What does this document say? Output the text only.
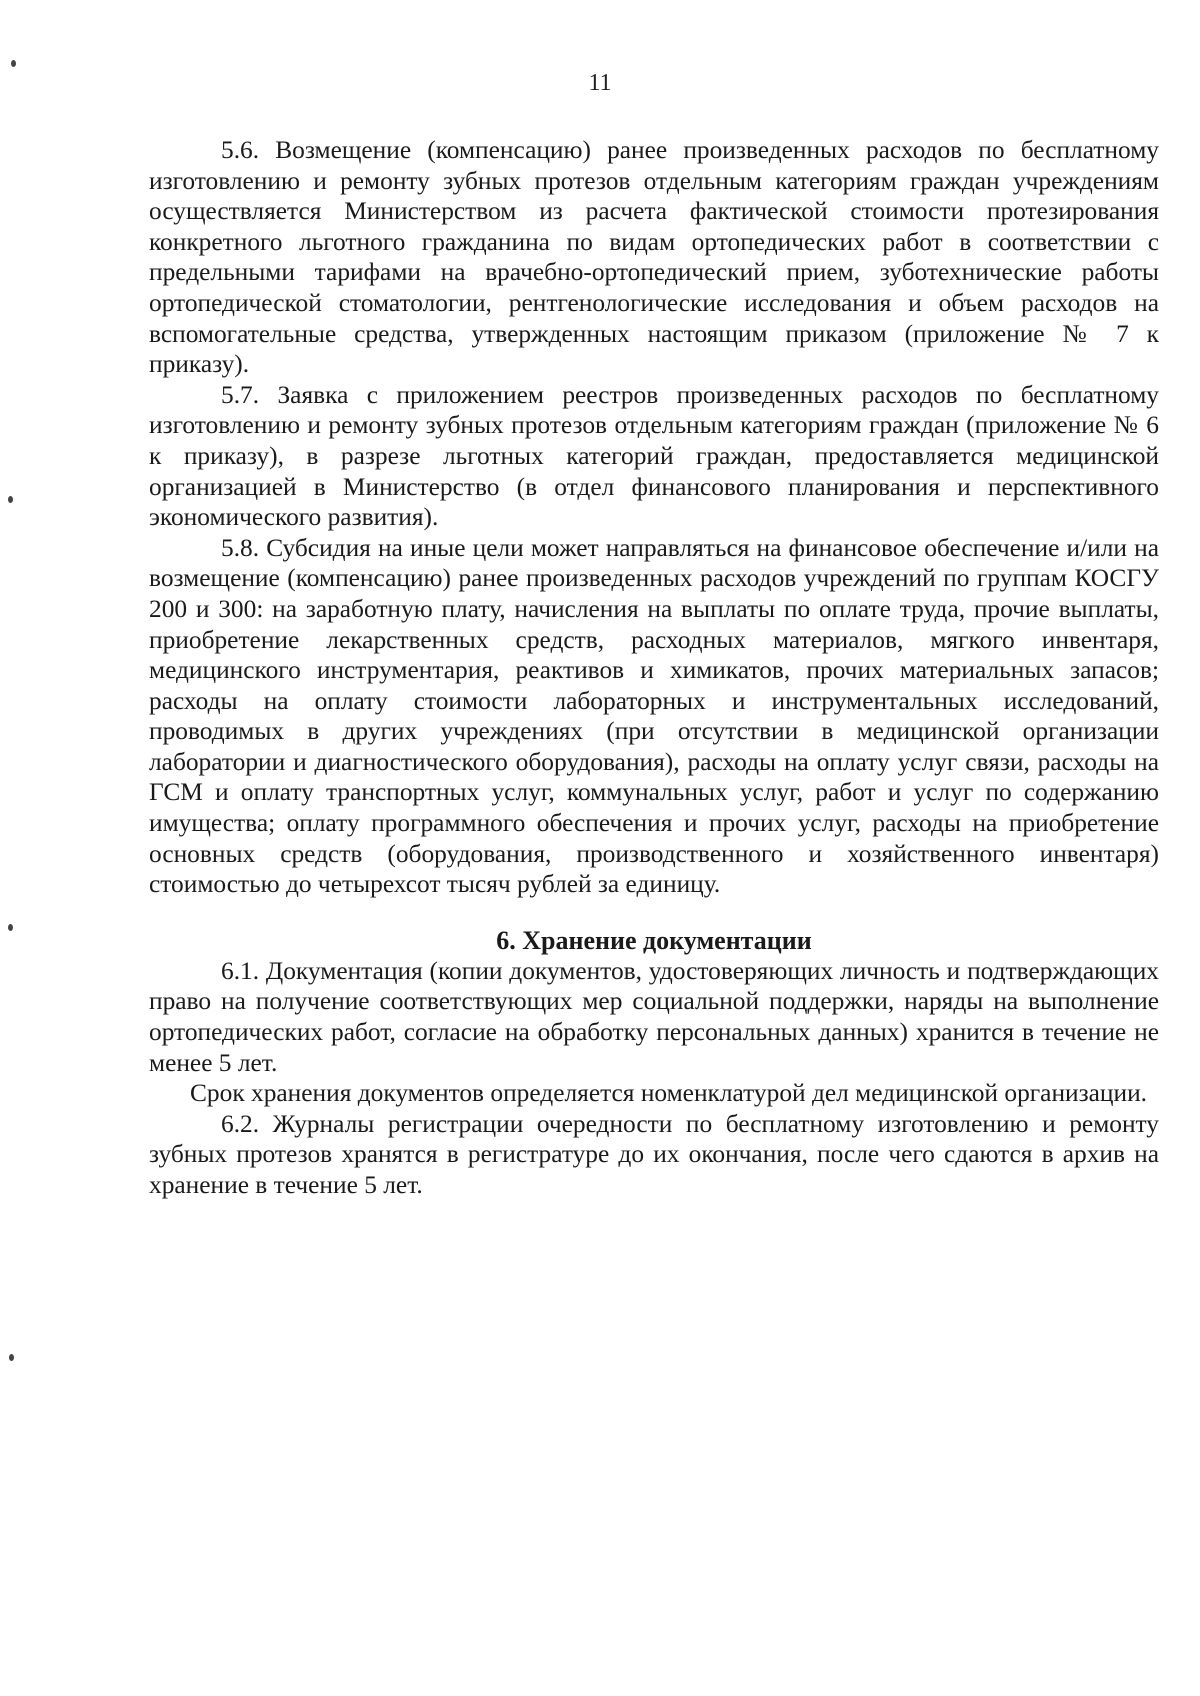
11

5.6. Возмещение (компенсацию) ранее произведенных расходов по бесплатному изготовлению и ремонту зубных протезов отдельным категориям граждан учреждениям осуществляется Министерством из расчета фактической стоимости протезирования конкретного льготного гражданина по видам ортопедических работ в соответствии с предельными тарифами на врачебно-ортопедический прием, зуботехнические работы ортопедической стоматологии, рентгенологические исследования и объем расходов на вспомогательные средства, утвержденных настоящим приказом (приложение № 7 к приказу).

5.7. Заявка с приложением реестров произведенных расходов по бесплатному изготовлению и ремонту зубных протезов отдельным категориям граждан (приложение № 6 к приказу), в разрезе льготных категорий граждан, предоставляется медицинской организацией в Министерство (в отдел финансового планирования и перспективного экономического развития).

5.8. Субсидия на иные цели может направляться на финансовое обеспечение и/или на возмещение (компенсацию) ранее произведенных расходов учреждений по группам КОСГУ 200 и 300: на заработную плату, начисления на выплаты по оплате труда, прочие выплаты, приобретение лекарственных средств, расходных материалов, мягкого инвентаря, медицинского инструментария, реактивов и химикатов, прочих материальных запасов; расходы на оплату стоимости лабораторных и инструментальных исследований, проводимых в других учреждениях (при отсутствии в медицинской организации лаборатории и диагностического оборудования), расходы на оплату услуг связи, расходы на ГСМ и оплату транспортных услуг, коммунальных услуг, работ и услуг по содержанию имущества; оплату программного обеспечения и прочих услуг, расходы на приобретение основных средств (оборудования, производственного и хозяйственного инвентаря) стоимостью до четырехсот тысяч рублей за единицу.

6. Хранение документации

6.1. Документация (копии документов, удостоверяющих личность и подтверждающих право на получение соответствующих мер социальной поддержки, наряды на выполнение ортопедических работ, согласие на обработку персональных данных) хранится в течение не менее 5 лет.

Срок хранения документов определяется номенклатурой дел медицинской организации.

6.2. Журналы регистрации очередности по бесплатному изготовлению и ремонту зубных протезов хранятся в регистратуре до их окончания, после чего сдаются в архив на хранение в течение 5 лет.
